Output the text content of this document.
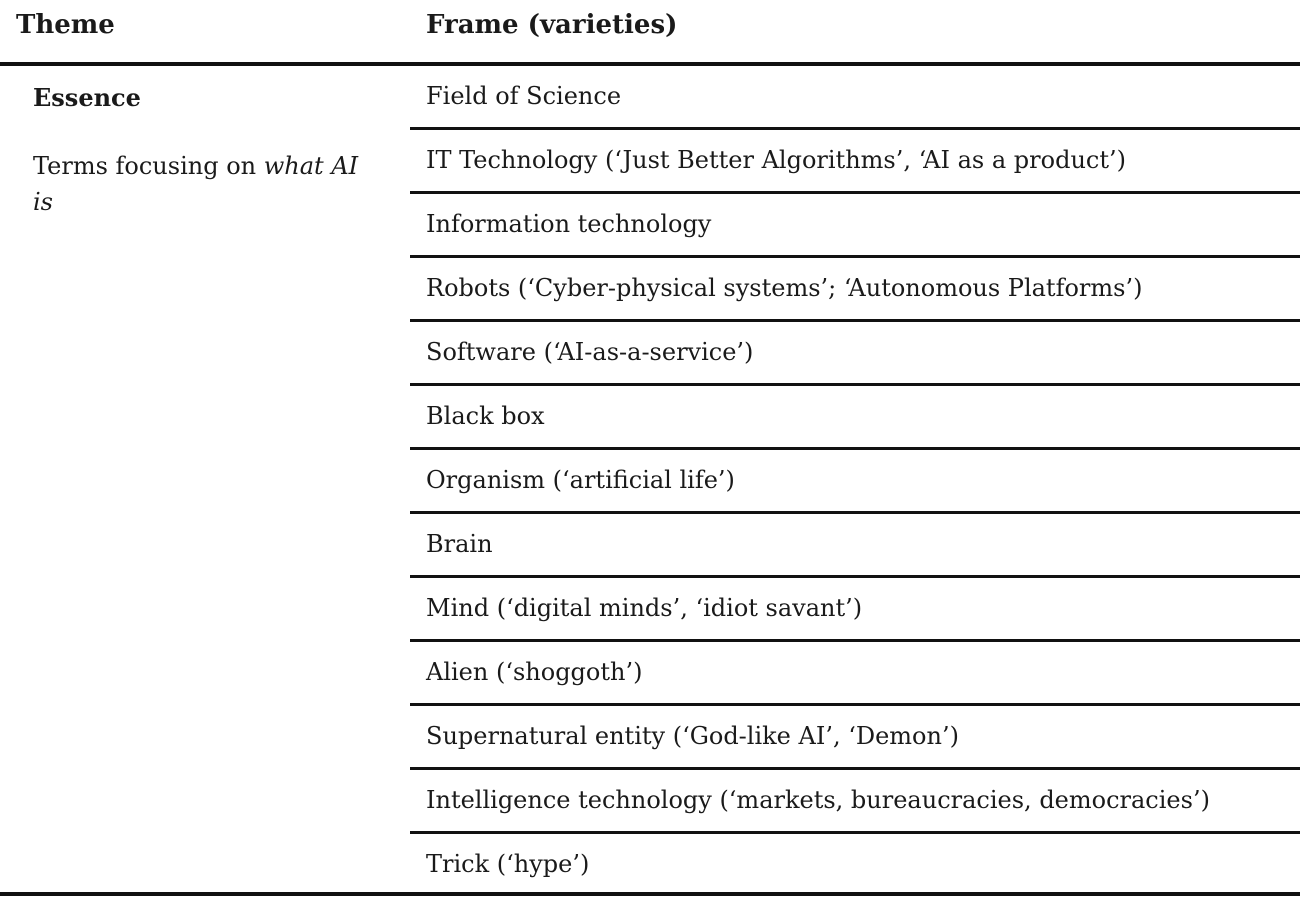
Theme	Frame (varieties)
Essence
Terms focusing on what AI is
Field of Science
IT Technology (‘Just Better Algorithms’, ‘AI as a product’)
Information technology
Robots (‘Cyber-physical systems’; ‘Autonomous Platforms’)
Software (‘AI-as-a-service’)
Black box
Organism (‘artificial life’)
Brain
Mind (‘digital minds’, ‘idiot savant’)
Alien (‘shoggoth’)
Supernatural entity (‘God-like AI’, ‘Demon’)
Intelligence technology (‘markets, bureaucracies, democracies’)
Trick (‘hype’)
